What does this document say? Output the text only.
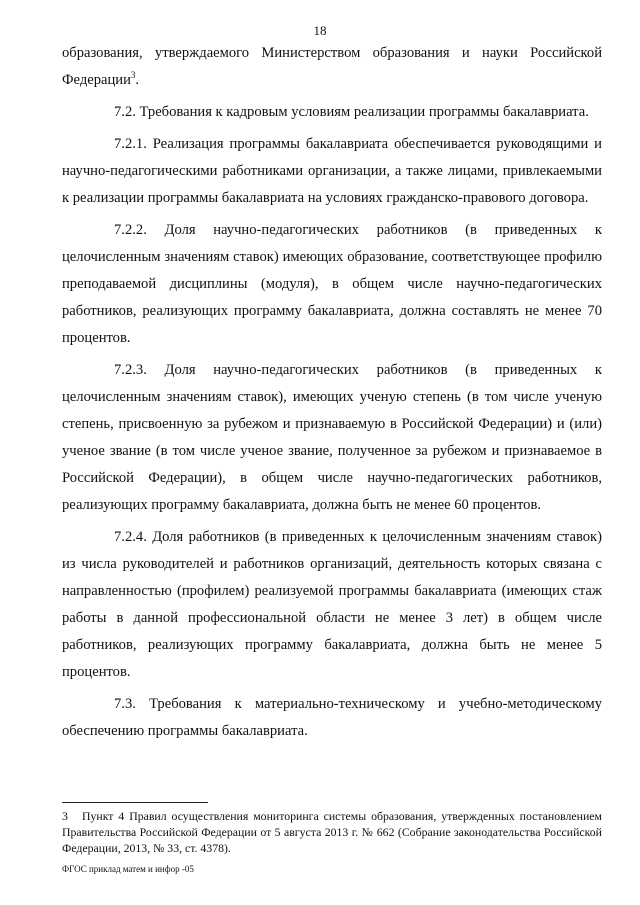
18

образования, утверждаемого Министерством образования и науки Российской Федерации$^3$.

7.2. Требования к кадровым условиям реализации программы бакалавриата.

7.2.1. Реализация программы бакалавриата обеспечивается руководящими и научно-педагогическими работниками организации, а также лицами, привлекаемыми к реализации программы бакалавриата на условиях гражданско-правового договора.

7.2.2. Доля научно-педагогических работников (в приведенных к целочисленным значениям ставок) имеющих образование, соответствующее профилю преподаваемой дисциплины (модуля), в общем числе научно-педагогических работников, реализующих программу бакалавриата, должна составлять не менее 70 процентов.

7.2.3. Доля научно-педагогических работников (в приведенных к целочисленным значениям ставок), имеющих ученую степень (в том числе ученую степень, присвоенную за рубежом и признаваемую в Российской Федерации) и (или) ученое звание (в том числе ученое звание, полученное за рубежом и признаваемое в Российской Федерации), в общем числе научно-педагогических работников, реализующих программу бакалавриата, должна быть не менее 60 процентов.

7.2.4. Доля работников (в приведенных к целочисленным значениям ставок) из числа руководителей и работников организаций, деятельность которых связана с направленностью (профилем) реализуемой программы бакалавриата (имеющих стаж работы в данной профессиональной области не менее 3 лет) в общем числе работников, реализующих программу бакалавриата, должна быть не менее 5 процентов.

7.3. Требования к материально-техническому и учебно-методическому обеспечению программы бакалавриата.

3 Пункт 4 Правил осуществления мониторинга системы образования, утвержденных постановлением Правительства Российской Федерации от 5 августа 2013 г. № 662 (Собрание законодательства Российской Федерации, 2013, № 33, ст. 4378).
ФГОС приклад матем и инфор -05
